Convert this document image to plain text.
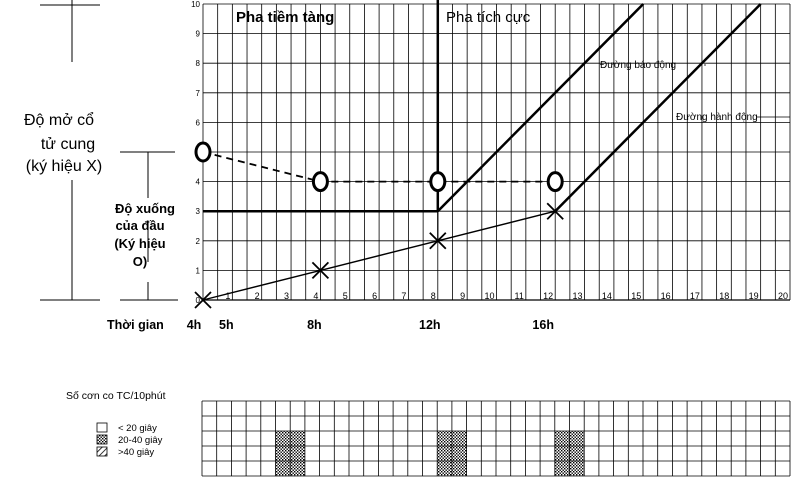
Độ mở cổ
tử cung
(ký hiệu X)
Độ xuống
của đầu
(Ký hiệu
O)
0
1
2
3
4
6
7
8
9
10
1	2	3	4	5	6	7	8	9 10 11 12 13 14 15 16 17 18 19 20
Thời gian 4h 5h	8h	12h	16h
Pha tiềm tàng	Pha tích cực
Đường báo động
Đường hành động
Số cơn co TC/10phút
< 20 giây
20-40 giây
>40 giây
